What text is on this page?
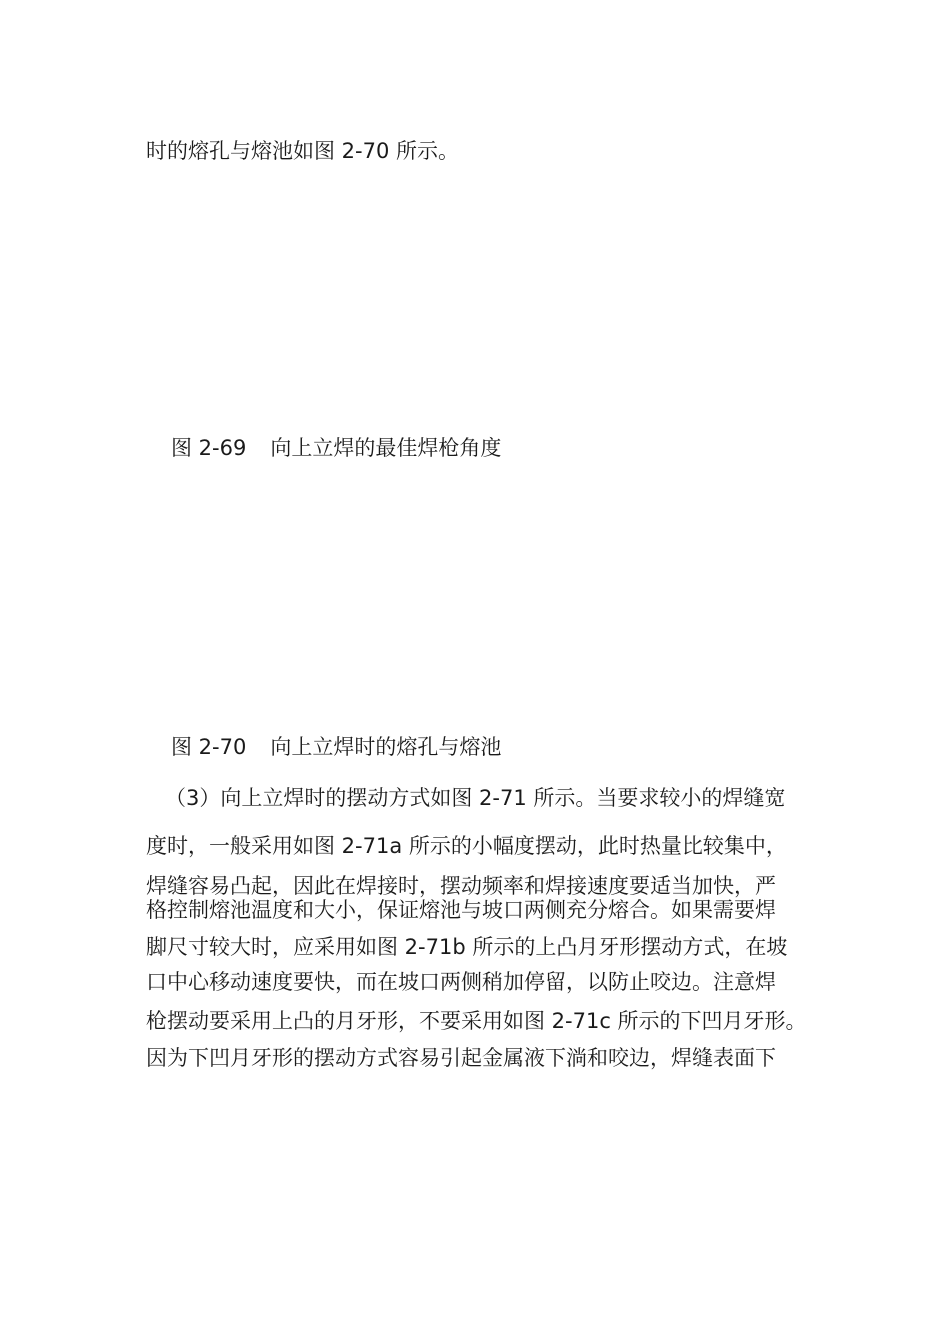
时的熔孔与熔池如图 2-70 所示。

图 2-69 向上立焊的最佳焊枪角度

图 2-70 向上立焊时的熔孔与熔池

（3）向上立焊时的摆动方式如图 2-71 所示。当要求较小的焊缝宽

度时，一般采用如图 2-71a 所示的小幅度摆动，此时热量比较集中，

焊缝容易凸起，因此在焊接时，摆动频率和焊接速度要适当加快，严

格控制熔池温度和大小，保证熔池与坡口两侧充分熔合。如果需要焊

脚尺寸较大时，应采用如图 2-71b 所示的上凸月牙形摆动方式，在坡

口中心移动速度要快，而在坡口两侧稍加停留，以防止咬边。注意焊

枪摆动要采用上凸的月牙形，不要采用如图 2-71c 所示的下凹月牙形。

因为下凹月牙形的摆动方式容易引起金属液下淌和咬边，焊缝表面下
